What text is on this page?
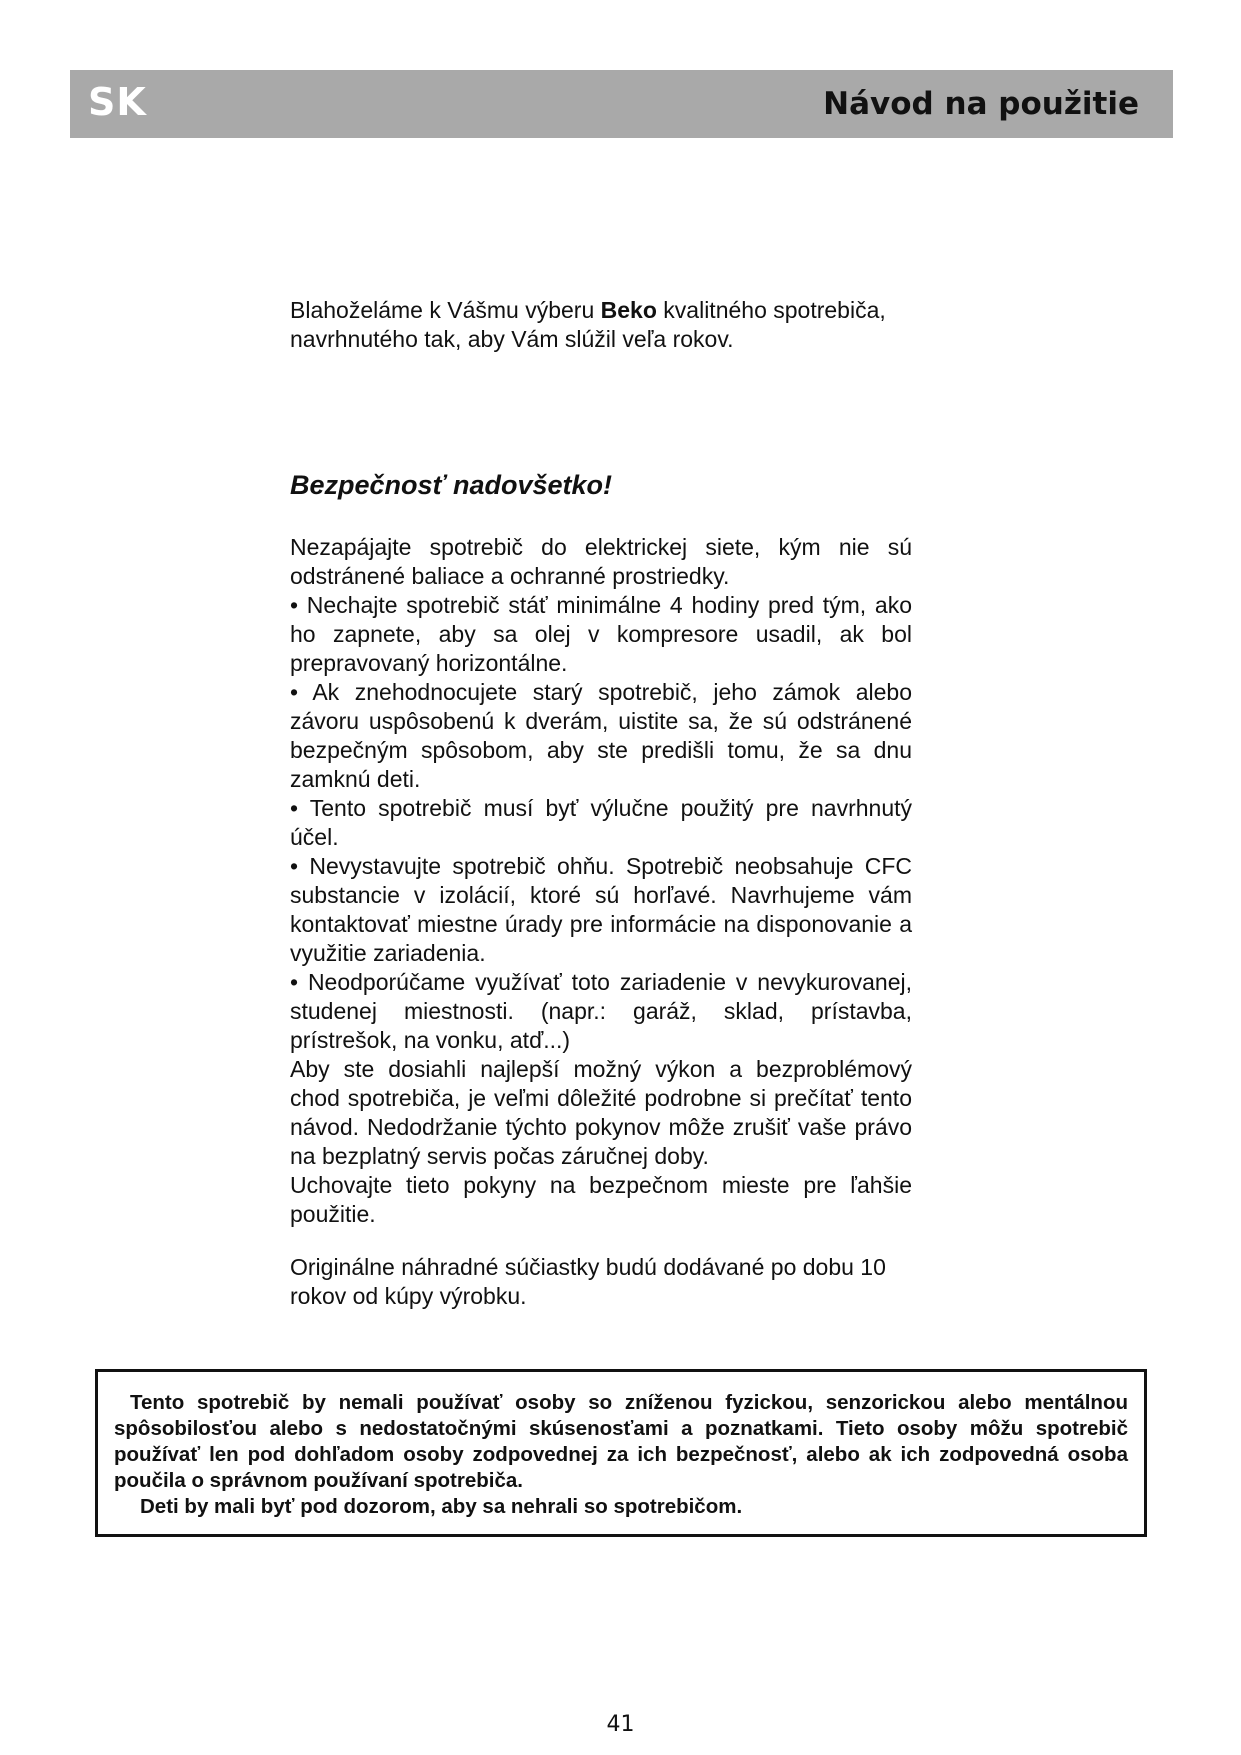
SK	Návod na použitie
Blahoželáme k Vášmu výberu Beko kvalitného spotrebiča, navrhnutého tak, aby Vám slúžil veľa rokov.
Bezpečnosť nadovšetko!

Nezapájajte spotrebič do elektrickej siete, kým nie sú odstránené baliace a ochranné prostriedky.

• Nechajte spotrebič stáť minimálne 4 hodiny pred tým, ako ho zapnete, aby sa olej v kompresore usadil, ak bol prepravovaný horizontálne.

• Ak znehodnocujete starý spotrebič, jeho zámok alebo závoru uspôsobenú k dverám, uistite sa, že sú odstránené bezpečným spôsobom, aby ste predišli tomu, že sa dnu zamknú deti.

• Tento spotrebič musí byť výlučne použitý pre navrhnutý účel.

• Nevystavujte spotrebič ohňu. Spotrebič neobsahuje CFC substancie v izolácií, ktoré sú horľavé. Navrhujeme vám kontaktovať miestne úrady pre informácie na disponovanie a využitie zariadenia.

• Neodporúčame využívať toto zariadenie v nevykurovanej, studenej miestnosti. (napr.: garáž, sklad, prístavba, prístrešok, na vonku, atď...)

Aby ste dosiahli najlepší možný výkon a bezproblémový chod spotrebiča, je veľmi dôležité podrobne si prečítať tento návod. Nedodržanie týchto pokynov môže zrušiť vaše právo na bezplatný servis počas záručnej doby.

Uchovajte tieto pokyny na bezpečnom mieste pre ľahšie použitie.

Originálne náhradné súčiastky budú dodávané po dobu 10 rokov od kúpy výrobku.

Tento spotrebič by nemali používať osoby so zníženou fyzickou, senzorickou alebo mentálnou spôsobilosťou alebo s nedostatočnými skúsenosťami a poznatkami. Tieto osoby môžu spotrebič používať len pod dohľadom osoby zodpovednej za ich bezpečnosť, alebo ak ich zodpovedná osoba poučila o správnom používaní spotrebiča.

Deti by mali byť pod dozorom, aby sa nehrali so spotrebičom.

41
